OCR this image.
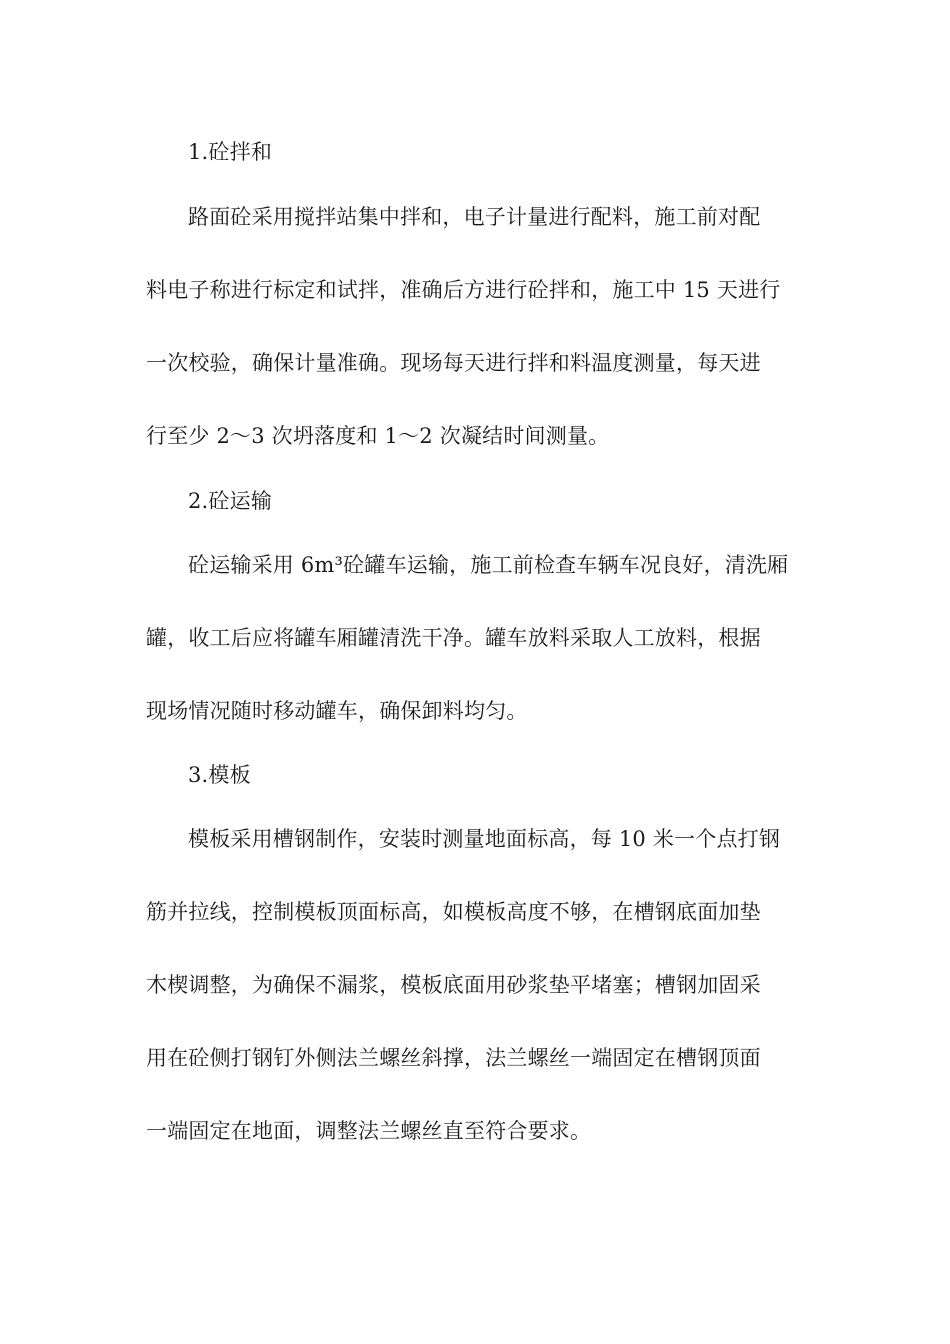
1.砼拌和
路面砼采用搅拌站集中拌和，电子计量进行配料，施工前对配
料电子称进行标定和试拌，准确后方进行砼拌和，施工中 15 天进行
一次校验，确保计量准确。现场每天进行拌和料温度测量，每天进
行至少 2～3 次坍落度和 1～2 次凝结时间测量。
2.砼运输
砼运输采用 6m³砼罐车运输，施工前检查车辆车况良好，清洗厢
罐，收工后应将罐车厢罐清洗干净。罐车放料采取人工放料，根据
现场情况随时移动罐车，确保卸料均匀。
3.模板
模板采用槽钢制作，安装时测量地面标高，每 10 米一个点打钢
筋并拉线，控制模板顶面标高，如模板高度不够，在槽钢底面加垫
木楔调整，为确保不漏浆，模板底面用砂浆垫平堵塞；槽钢加固采
用在砼侧打钢钉外侧法兰螺丝斜撑，法兰螺丝一端固定在槽钢顶面
一端固定在地面，调整法兰螺丝直至符合要求。
